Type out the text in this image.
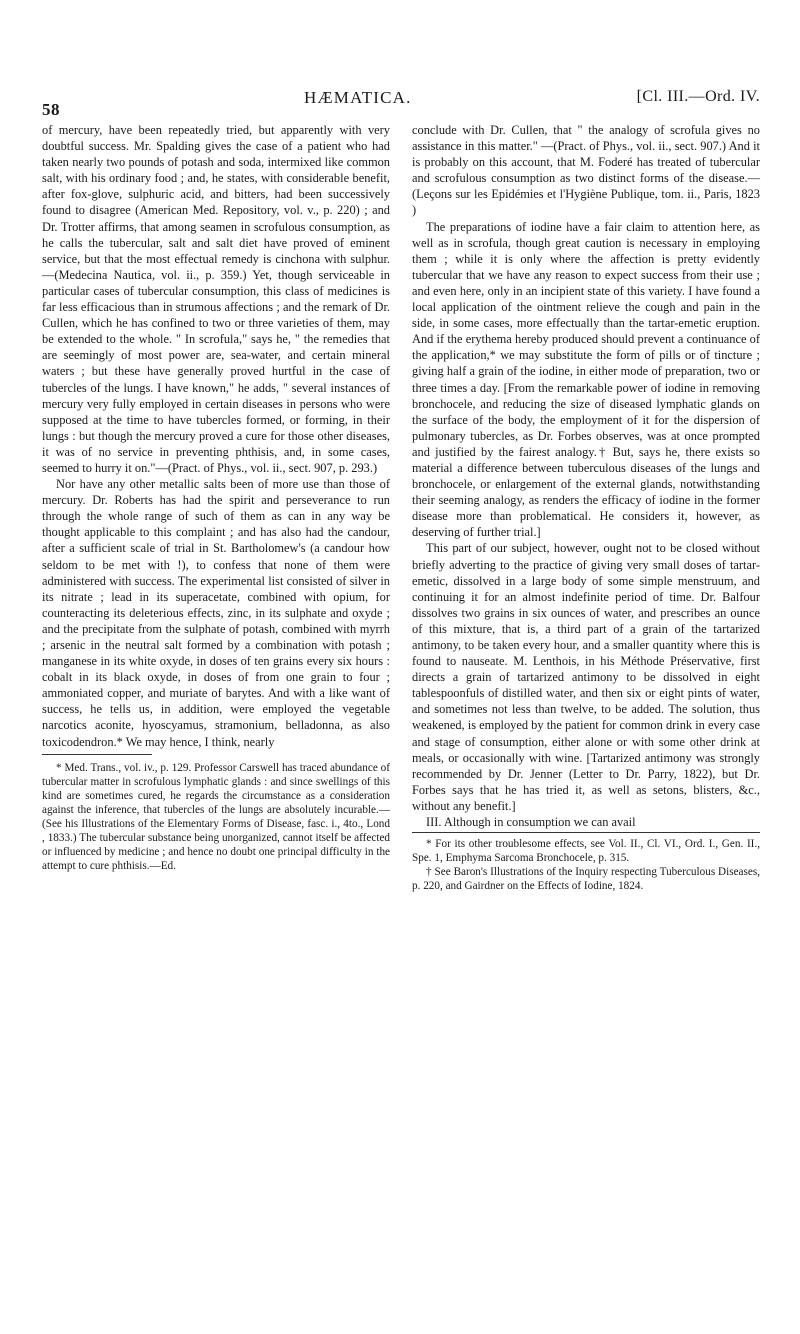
58
HÆMATICA.	[Cl. III.—Ord. IV.

of mercury, have been repeatedly tried, but apparently with very doubtful success. Mr. Spalding gives the case of a patient who had taken nearly two pounds of potash and soda, intermixed like common salt, with his ordinary food ; and, he states, with considerable benefit, after fox-glove, sulphuric acid, and bitters, had been successively found to disagree (American Med. Repository, vol. v., p. 220) ; and Dr. Trotter affirms, that among seamen in scrofulous consumption, as he calls the tubercular, salt and salt diet have proved of eminent service, but that the most effectual remedy is cinchona with sulphur.—(Medecina Nautica, vol. ii., p. 359.) Yet, though serviceable in particular cases of tubercular consumption, this class of medicines is far less efficacious than in strumous affections ; and the remark of Dr. Cullen, which he has confined to two or three varieties of them, may be extended to the whole. " In scrofula," says he, " the remedies that are seemingly of most power are, sea-water, and certain mineral waters ; but these have generally proved hurtful in the case of tubercles of the lungs. I have known," he adds, " several instances of mercury very fully employed in certain diseases in persons who were supposed at the time to have tubercles formed, or forming, in their lungs : but though the mercury proved a cure for those other diseases, it was of no service in preventing phthisis, and, in some cases, seemed to hurry it on."—(Pract. of Phys., vol. ii., sect. 907, p. 293.)

Nor have any other metallic salts been of more use than those of mercury. Dr. Roberts has had the spirit and perseverance to run through the whole range of such of them as can in any way be thought applicable to this complaint ; and has also had the candour, after a sufficient scale of trial in St. Bartholomew's (a candour how seldom to be met with !), to confess that none of them were administered with success. The experimental list consisted of silver in its nitrate ; lead in its superacetate, combined with opium, for counteracting its deleterious effects, zinc, in its sulphate and oxyde ; and the precipitate from the sulphate of potash, combined with myrrh ; arsenic in the neutral salt formed by a combination with potash ; manganese in its white oxyde, in doses of ten grains every six hours : cobalt in its black oxyde, in doses of from one grain to four ; ammoniated copper, and muriate of barytes. And with a like want of success, he tells us, in addition, were employed the vegetable narcotics aconite, hyoscyamus, stramonium, belladonna, as also toxicodendron.* We may hence, I think, nearly

* Med. Trans., vol. iv., p. 129. Professor Carswell has traced abundance of tubercular matter in scrofulous lymphatic glands : and since swellings of this kind are sometimes cured, he regards the circumstance as a consideration against the inference, that tubercles of the lungs are absolutely incurable.—(See his Illustrations of the Elementary Forms of Disease, fasc. i., 4to., Lond , 1833.) The tubercular substance being unorganized, cannot itself be affected or influenced by medicine ; and hence no doubt one principal difficulty in the attempt to cure phthisis.—Ed.

conclude with Dr. Cullen, that " the analogy of scrofula gives no assistance in this matter." —(Pract. of Phys., vol. ii., sect. 907.) And it is probably on this account, that M. Foderé has treated of tubercular and scrofulous consumption as two distinct forms of the disease.—(Leçons sur les Epidémies et l'Hygiène Publique, tom. ii., Paris, 1823 )

The preparations of iodine have a fair claim to attention here, as well as in scrofula, though great caution is necessary in employing them ; while it is only where the affection is pretty evidently tubercular that we have any reason to expect success from their use ; and even here, only in an incipient state of this variety. I have found a local application of the ointment relieve the cough and pain in the side, in some cases, more effectually than the tartar-emetic eruption. And if the erythema hereby produced should prevent a continuance of the application,* we may substitute the form of pills or of tincture ; giving half a grain of the iodine, in either mode of preparation, two or three times a day. [From the remarkable power of iodine in removing bronchocele, and reducing the size of diseased lymphatic glands on the surface of the body, the employment of it for the dispersion of pulmonary tubercles, as Dr. Forbes observes, was at once prompted and justified by the fairest analogy.† But, says he, there exists so material a difference between tuberculous diseases of the lungs and bronchocele, or enlargement of the external glands, notwithstanding their seeming analogy, as renders the efficacy of iodine in the former disease more than problematical. He considers it, however, as deserving of further trial.]

This part of our subject, however, ought not to be closed without briefly adverting to the practice of giving very small doses of tartar-emetic, dissolved in a large body of some simple menstruum, and continuing it for an almost indefinite period of time. Dr. Balfour dissolves two grains in six ounces of water, and prescribes an ounce of this mixture, that is, a third part of a grain of the tartarized antimony, to be taken every hour, and a smaller quantity where this is found to nauseate. M. Lenthois, in his Méthode Préservative, first directs a grain of tartarized antimony to be dissolved in eight tablespoonfuls of distilled water, and then six or eight pints of water, and sometimes not less than twelve, to be added. The solution, thus weakened, is employed by the patient for common drink in every case and stage of consumption, either alone or with some other drink at meals, or occasionally with wine. [Tartarized antimony was strongly recommended by Dr. Jenner (Letter to Dr. Parry, 1822), but Dr. Forbes says that he has tried it, as well as setons, blisters, &c., without any benefit.]

III. Although in consumption we can avail

* For its other troublesome effects, see Vol. II., Cl. VI., Ord. I., Gen. II., Spe. 1, Emphyma Sarcoma Bronchocele, p. 315.

† See Baron's Illustrations of the Inquiry respecting Tuberculous Diseases, p. 220, and Gairdner on the Effects of Iodine, 1824.
